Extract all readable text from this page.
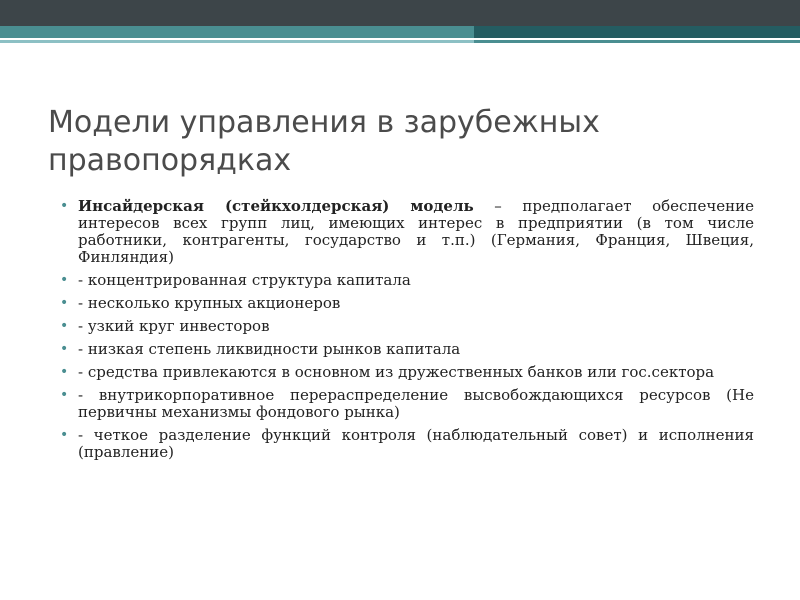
Модели управления в зарубежных правопорядках
• Инсайдерская (стейкхолдерская) модель – предполагает обеспечение интересов всех групп лиц, имеющих интерес в предприятии (в том числе работники, контрагенты, государство и т.п.) (Германия, Франция, Швеция, Финляндия)
• - концентрированная структура капитала
• - несколько крупных акционеров
• - узкий круг инвесторов
• - низкая степень ликвидности рынков капитала
• - средства привлекаются в основном из дружественных банков или гос.сектора
• - внутрикорпоративное перераспределение высвобождающихся ресурсов (Не первичны механизмы фондового рынка)
• - четкое разделение функций контроля (наблюдательный совет) и исполнения (правление)
